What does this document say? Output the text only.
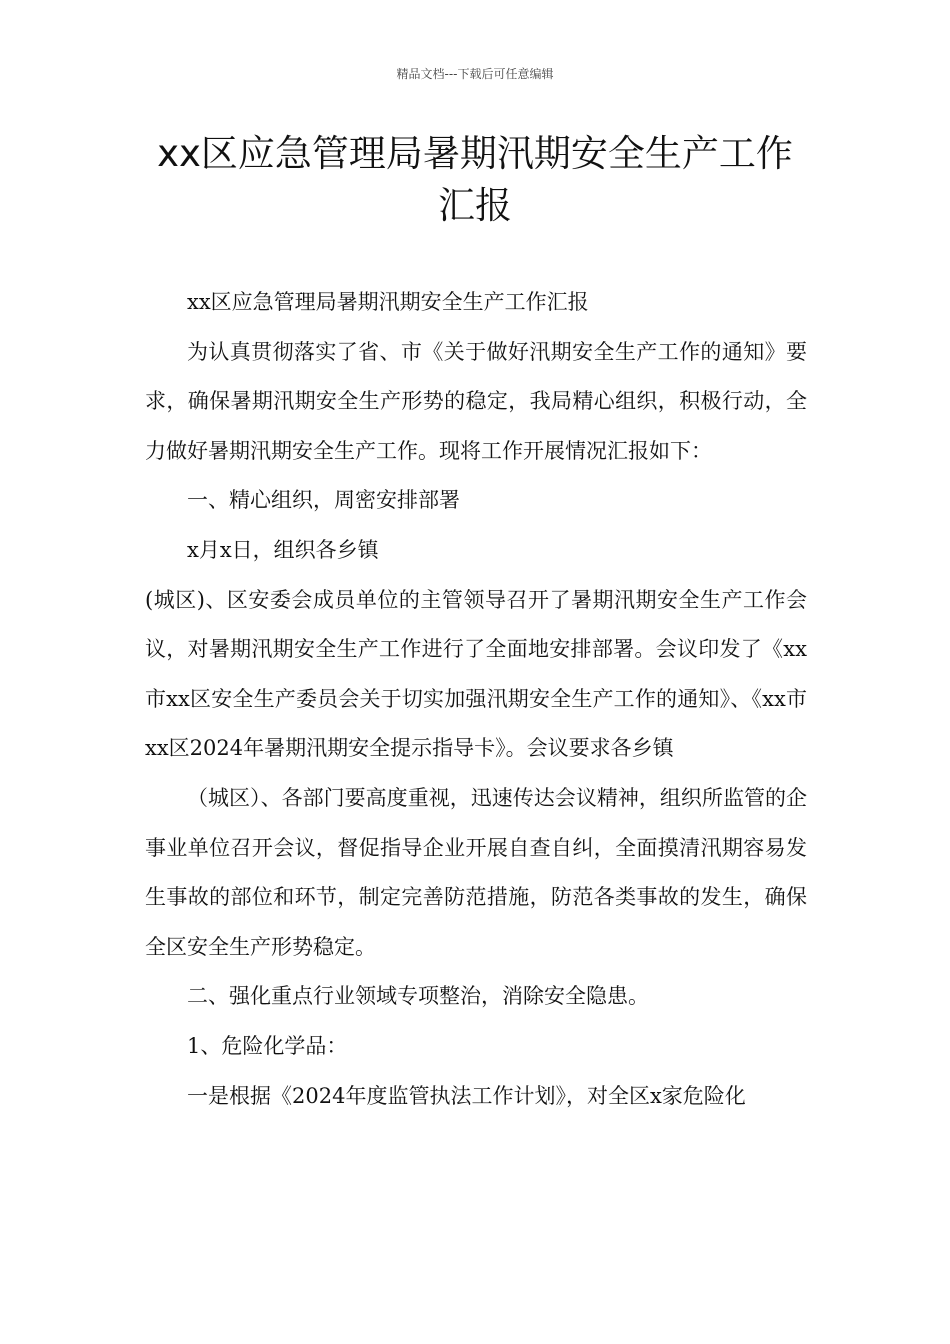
精品文档---下载后可任意编辑
xx区应急管理局暑期汛期安全生产工作汇报

xx区应急管理局暑期汛期安全生产工作汇报

为认真贯彻落实了省、市《关于做好汛期安全生产工作的通知》要求，确保暑期汛期安全生产形势的稳定，我局精心组织，积极行动，全力做好暑期汛期安全生产工作。现将工作开展情况汇报如下：

一、精心组织，周密安排部署

x月x日，组织各乡镇

(城区)、区安委会成员单位的主管领导召开了暑期汛期安全生产工作会议，对暑期汛期安全生产工作进行了全面地安排部署。会议印发了《xx市xx区安全生产委员会关于切实加强汛期安全生产工作的通知》、《xx市xx区2024年暑期汛期安全提示指导卡》。会议要求各乡镇

（城区）、各部门要高度重视，迅速传达会议精神，组织所监管的企事业单位召开会议，督促指导企业开展自查自纠，全面摸清汛期容易发生事故的部位和环节，制定完善防范措施，防范各类事故的发生，确保全区安全生产形势稳定。

二、强化重点行业领域专项整治，消除安全隐患。

1、危险化学品：

一是根据《2024年度监管执法工作计划》，对全区x家危险化
